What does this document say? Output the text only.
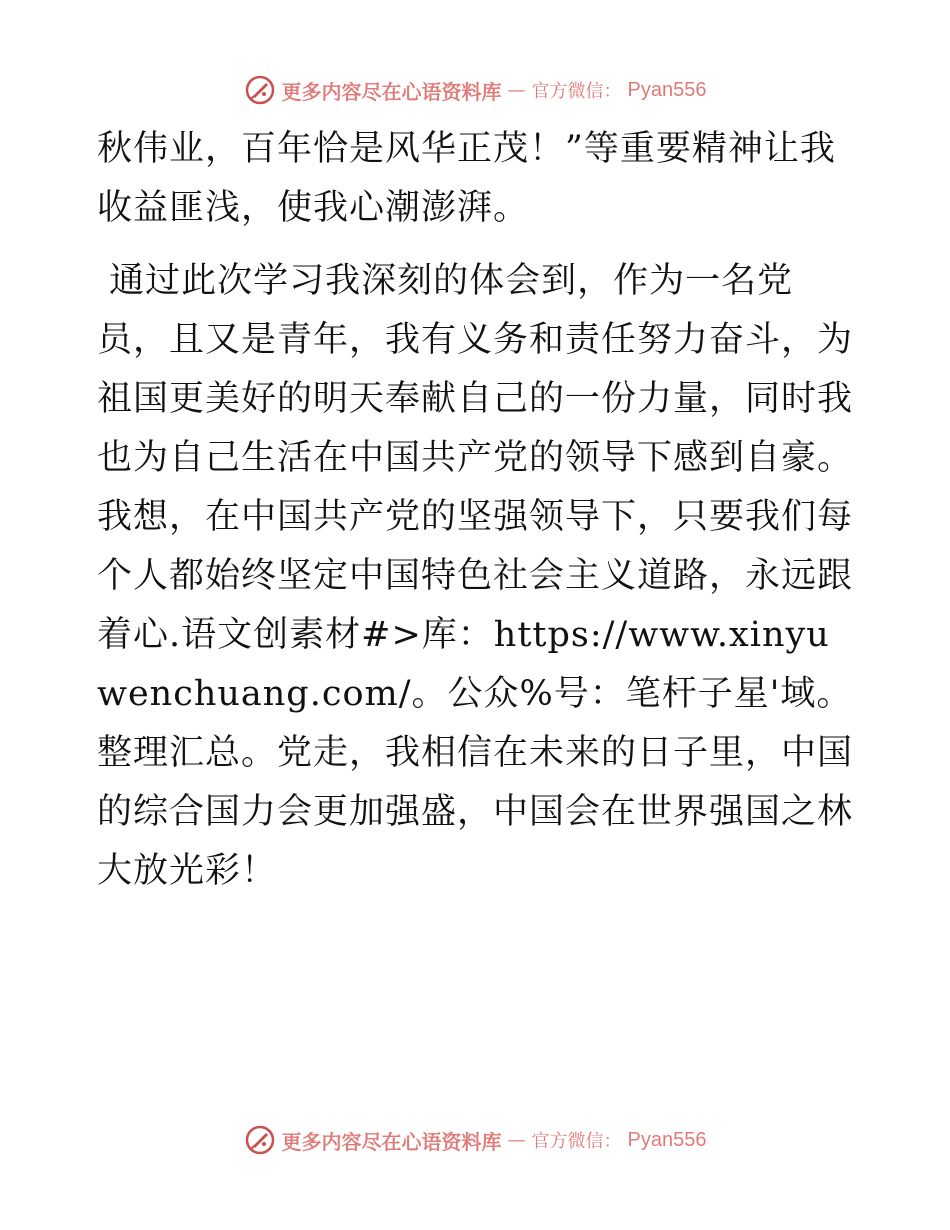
更多内容尽在心语资料库 — 官方微信： Pyan556

秋伟业，百年恰是风华正茂！”等重要精神让我收益匪浅，使我心潮澎湃。

通过此次学习我深刻的体会到，作为一名党员，且又是青年，我有义务和责任努力奋斗，为祖国更美好的明天奉献自己的一份力量，同时我也为自己生活在中国共产党的领导下感到自豪。我想，在中国共产党的坚强领导下，只要我们每个人都始终坚定中国特色社会主义道路，永远跟着心.语文创素材#>库：https://www.xinyuwenchuang.com/。公众%号：笔杆子星'域。整理汇总。党走，我相信在未来的日子里，中国的综合国力会更加强盛，中国会在世界强国之林大放光彩！

更多内容尽在心语资料库 — 官方微信： Pyan556
